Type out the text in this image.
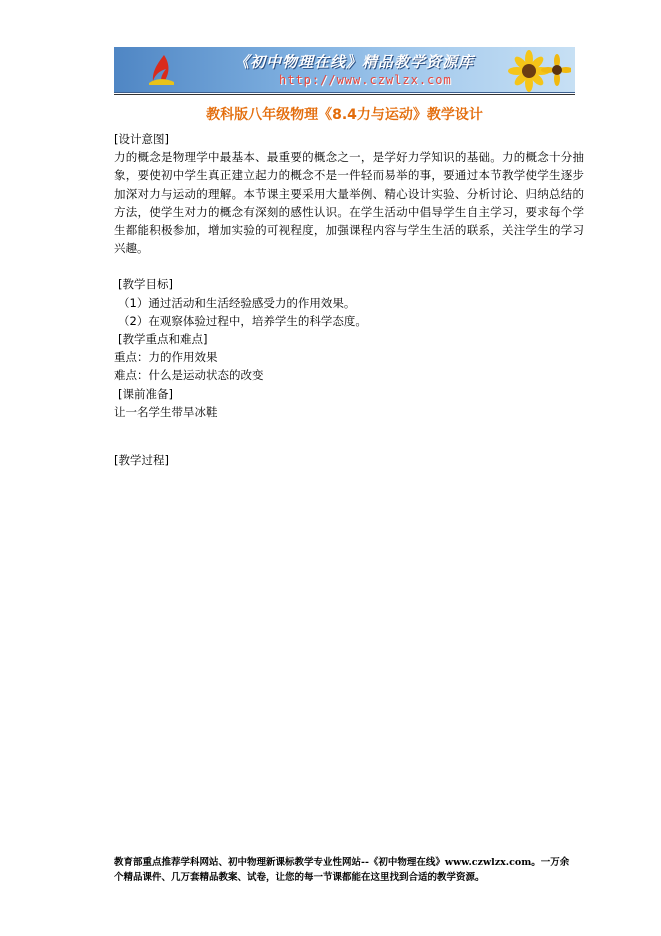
《初中物理在线》精品教学资源库
http://www.czwlzx.com
教科版八年级物理《8.4力与运动》教学设计

[设计意图]

力的概念是物理学中最基本、最重要的概念之一，是学好力学知识的基础。力的概念十分抽象，要使初中学生真正建立起力的概念不是一件轻而易举的事，要通过本节教学使学生逐步加深对力与运动的理解。本节课主要采用大量举例、精心设计实验、分析讨论、归纳总结的方法，使学生对力的概念有深刻的感性认识。在学生活动中倡导学生自主学习，要求每个学生都能积极参加，增加实验的可视程度，加强课程内容与学生生活的联系，关注学生的学习兴趣。

[教学目标]

（1）通过活动和生活经验感受力的作用效果。

（2）在观察体验过程中，培养学生的科学态度。

[教学重点和难点]

重点：力的作用效果

难点：什么是运动状态的改变

[课前准备]

让一名学生带旱冰鞋

[教学过程]

教育部重点推荐学科网站、初中物理新课标教学专业性网站--《初中物理在线》www.czwlzx.com。一万余

个精品课件、几万套精品教案、试卷，让您的每一节课都能在这里找到合适的教学资源。
